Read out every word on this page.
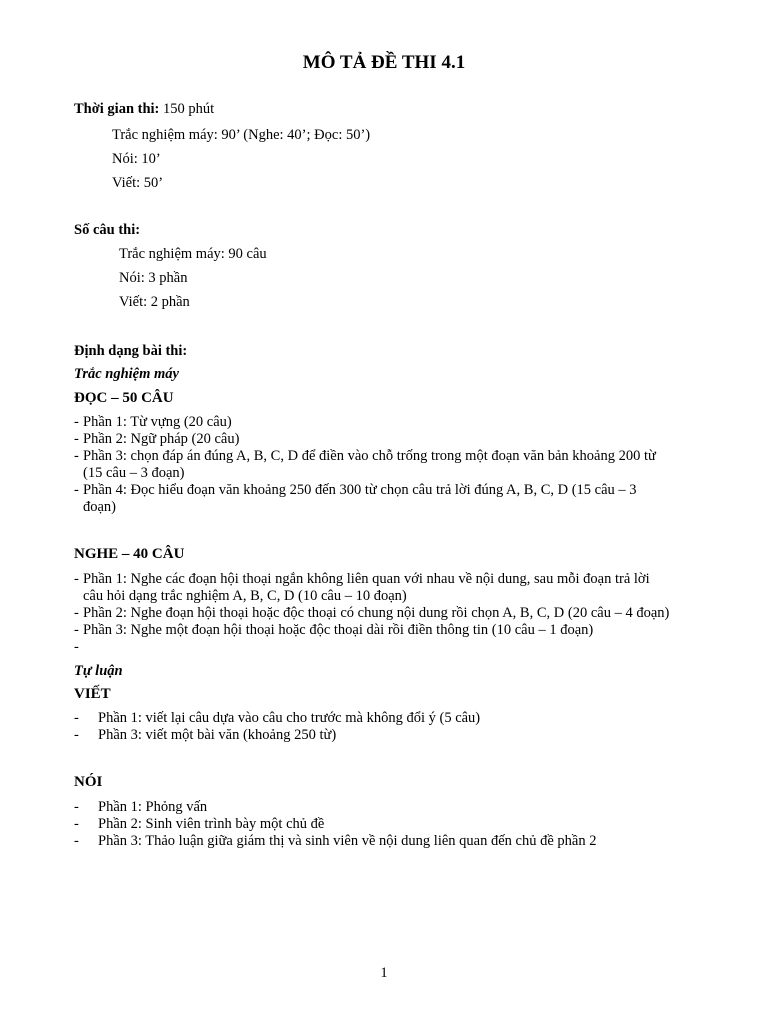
MÔ TẢ ĐỀ THI 4.1
Thời gian thi: 150 phút
Trắc nghiệm máy: 90’ (Nghe: 40’; Đọc: 50’)
Nói: 10’
Viết: 50’
Số câu thi:
Trắc nghiệm máy: 90 câu
Nói: 3 phần
Viết: 2 phần
Định dạng bài thi:
Trắc nghiệm máy
ĐỌC – 50 CÂU
- Phần 1: Từ vựng (20 câu)
- Phần 2: Ngữ pháp (20 câu)
- Phần 3: chọn đáp án đúng A, B, C, D để điền vào chỗ trống trong một đoạn văn bản khoảng 200 từ
(15 câu – 3 đoạn)
- Phần 4: Đọc hiểu đoạn văn khoảng 250 đến 300 từ chọn câu trả lời đúng A, B, C, D (15 câu – 3
đoạn)
NGHE – 40 CÂU
- Phần 1: Nghe các đoạn hội thoại ngắn không liên quan với nhau về nội dung, sau mỗi đoạn trả lời
câu hỏi dạng trắc nghiệm A, B, C, D (10 câu – 10 đoạn)
- Phần 2: Nghe đoạn hội thoại hoặc độc thoại có chung nội dung rồi chọn A, B, C, D (20 câu – 4 đoạn)
- Phần 3: Nghe một đoạn hội thoại hoặc độc thoại dài rồi điền thông tin (10 câu – 1 đoạn)
-
Tự luận
VIẾT
- Phần 1: viết lại câu dựa vào câu cho trước mà không đổi ý (5 câu)
- Phần 3: viết một bài văn (khoảng 250 từ)
NÓI
- Phần 1: Phỏng vấn
- Phần 2: Sinh viên trình bày một chủ đề
- Phần 3: Thảo luận giữa giám thị và sinh viên về nội dung liên quan đến chủ đề phần 2
1
